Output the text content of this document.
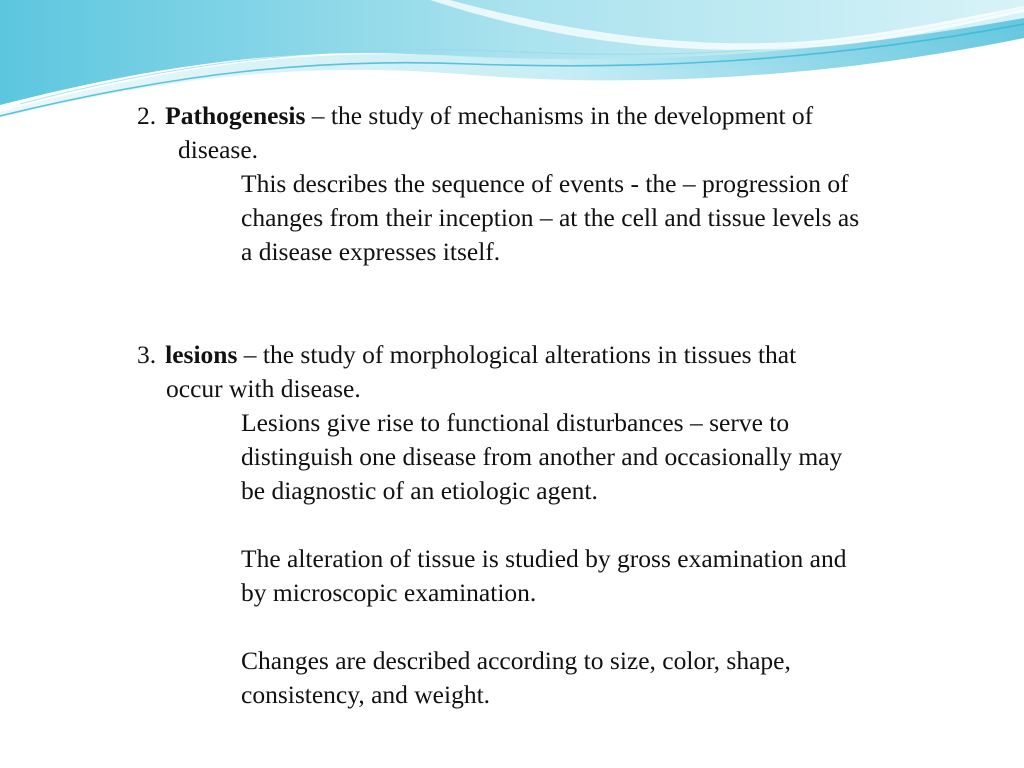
2. Pathogenesis – the study of mechanisms in the development of

disease.

This describes the sequence of events - the – progression of

changes from their inception – at the cell and tissue levels as

a disease expresses itself.

3. lesions – the study of morphological alterations in tissues that

occur with disease.

Lesions give rise to functional disturbances – serve to

distinguish one disease from another and occasionally may

be diagnostic of an etiologic agent.

The alteration of tissue is studied by gross examination and

by microscopic examination.

Changes are described according to size, color, shape,

consistency, and weight.
